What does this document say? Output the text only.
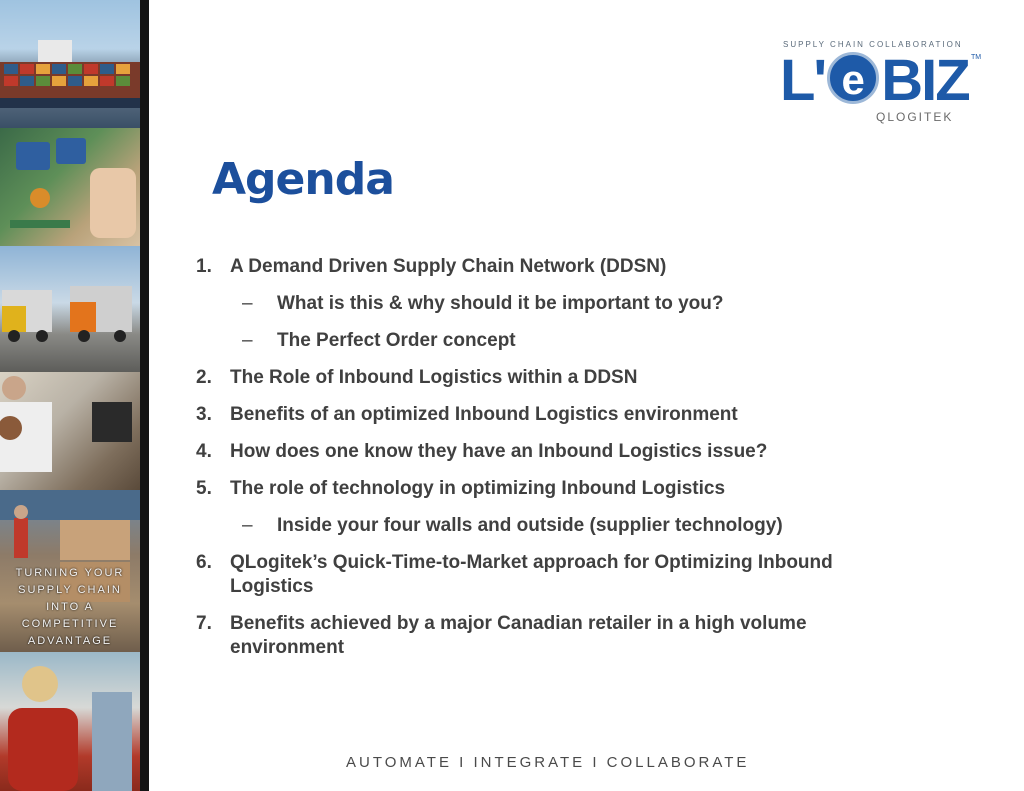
TURNING YOUR
SUPPLY CHAIN
INTO A
COMPETITIVE
ADVANTAGE
SUPPLY CHAIN COLLABORATION
L' e BIZ TM
QLOGITEK
Agenda
1. A Demand Driven Supply Chain Network (DDSN)
– What is this & why should it be important to you?
– The Perfect Order concept
2. The Role of Inbound Logistics within a DDSN
3. Benefits of an optimized Inbound Logistics environment
4. How does one know they have an Inbound Logistics issue?
5. The role of technology in optimizing Inbound Logistics
– Inside your four walls and outside (supplier technology)
6. QLogitek’s Quick-Time-to-Market approach for Optimizing Inbound Logistics
7. Benefits achieved by a major Canadian retailer in a high volume environment
AUTOMATE I INTEGRATE I COLLABORATE
